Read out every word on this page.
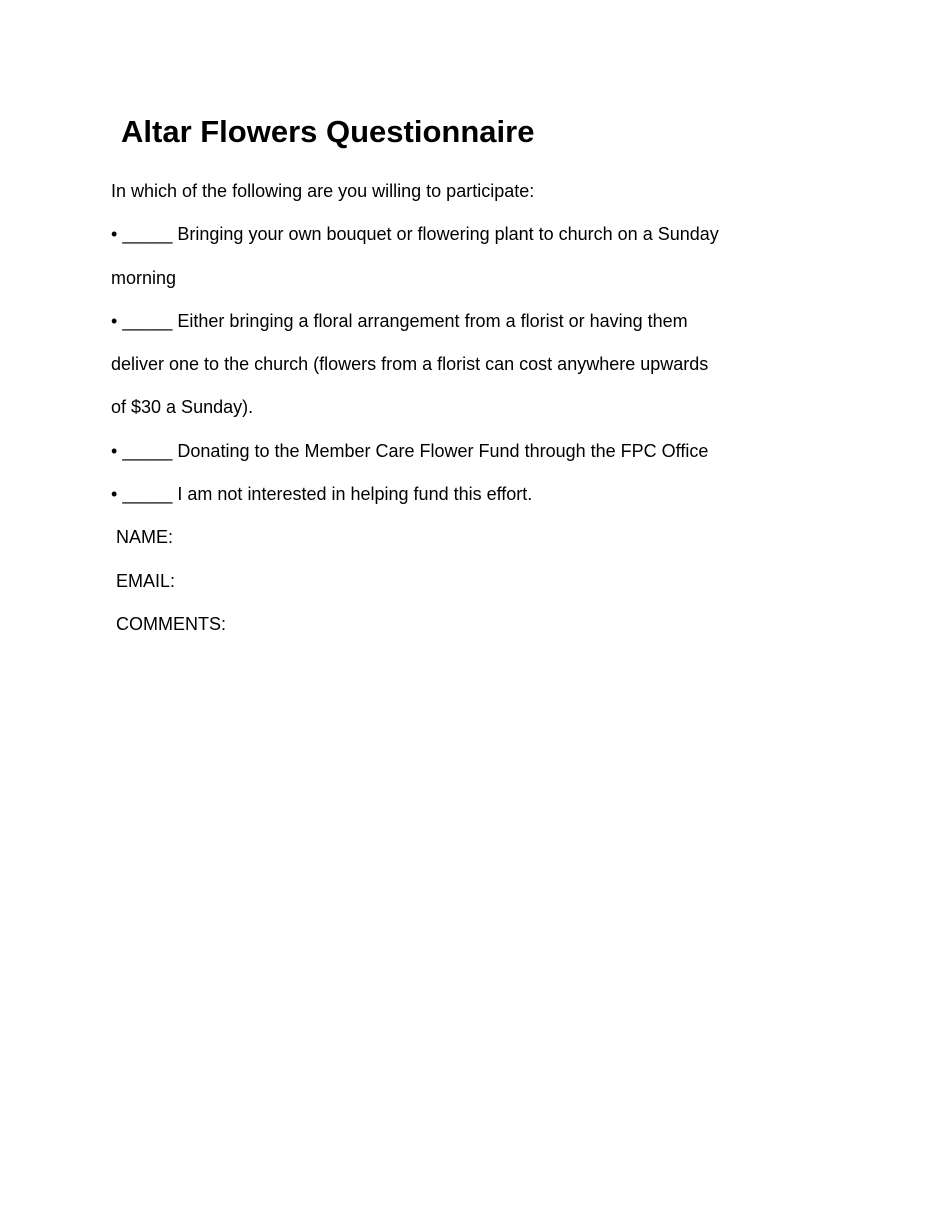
Altar Flowers Questionnaire
In which of the following are you willing to participate:
• _____ Bringing your own bouquet or flowering plant to church on a Sunday
morning
• _____ Either bringing a floral arrangement from a florist or having them
deliver one to the church (flowers from a florist can cost anywhere upwards
of $30 a Sunday).
• _____ Donating to the Member Care Flower Fund through the FPC Office
• _____ I am not interested in helping fund this effort.
NAME:
EMAIL:
COMMENTS:
